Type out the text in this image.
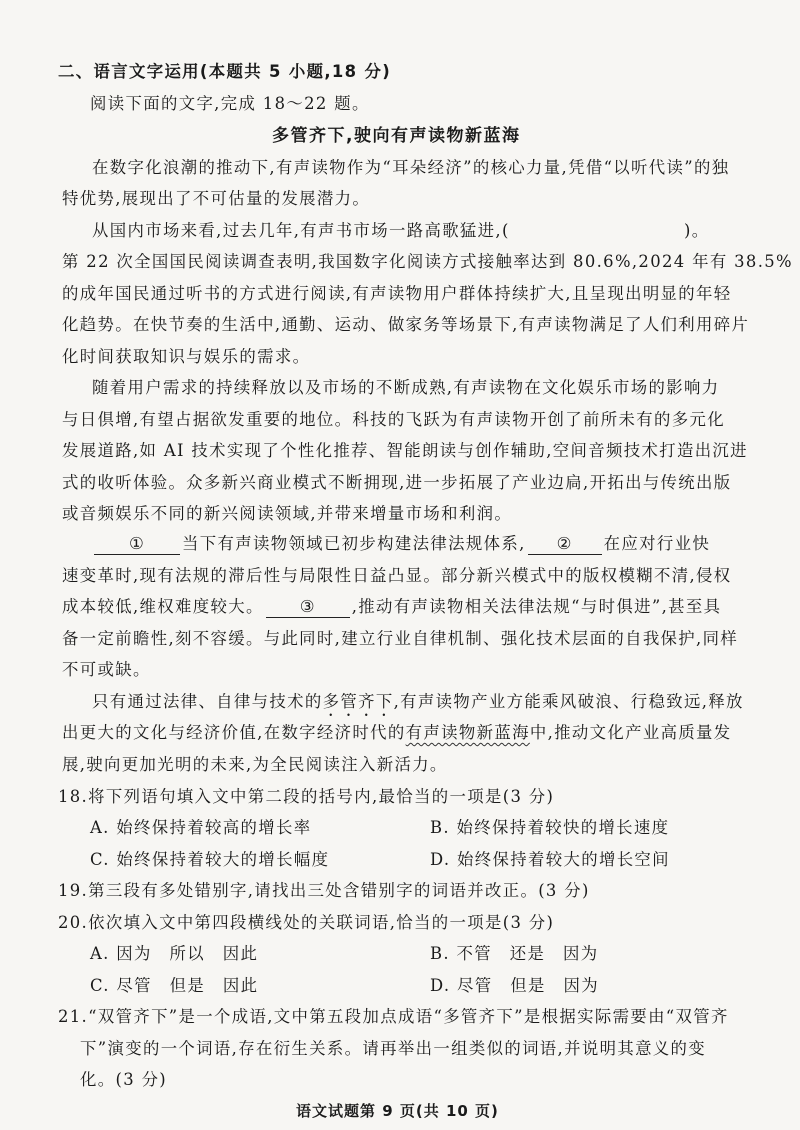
二、语言文字运用(本题共 5 小题,18 分)
阅读下面的文字,完成 18～22 题。
多管齐下,驶向有声读物新蓝海
在数字化浪潮的推动下,有声读物作为“耳朵经济”的核心力量,凭借“以听代读”的独
特优势,展现出了不可估量的发展潜力。
从国内市场来看,过去几年,有声书市场一路高歌猛进,(	)。
第 22 次全国国民阅读调查表明,我国数字化阅读方式接触率达到 80.6%,2024 年有 38.5%
的成年国民通过听书的方式进行阅读,有声读物用户群体持续扩大,且呈现出明显的年轻
化趋势。在快节奏的生活中,通勤、运动、做家务等场景下,有声读物满足了人们利用碎片
化时间获取知识与娱乐的需求。
随着用户需求的持续释放以及市场的不断成熟,有声读物在文化娱乐市场的影响力
与日倶增,有望占据欲发重要的地位。科技的飞跃为有声读物开创了前所未有的多元化
发展道路,如 AI 技术实现了个性化推荐、智能朗读与创作辅助,空间音频技术打造出沉进
式的收听体验。众多新兴商业模式不断拥现,进一步拓展了产业边扃,开拓出与传统出版
或音频娱乐不同的新兴阅读领域,并带来增量市场和利润。
① 当下有声读物领域已初步构建法律法规体系, ② 在应对行业快
速变革时,现有法规的滞后性与局限性日益凸显。部分新兴模式中的版权模糊不清,侵权
成本较低,维权难度较大。 ③ ,推动有声读物相关法律法规“与时俱进”,甚至具
备一定前瞻性,刻不容缓。与此同时,建立行业自律机制、强化技术层面的自我保护,同样
不可或缺。
只有通过法律、自律与技术的多管齐下,有声读物产业方能乘风破浪、行稳致远,释放
出更大的文化与经济价值,在数字经济时代的有声读物新蓝海中,推动文化产业高质量发
展,驶向更加光明的未来,为全民阅读注入新活力。
18.将下列语句填入文中第二段的括号内,最恰当的一项是(3 分)
A. 始终保持着较高的增长率	B. 始终保持着较快的增长速度
C. 始终保持着较大的增长幅度	D. 始终保持着较大的增长空间
19.第三段有多处错别字,请找出三处含错别字的词语并改正。(3 分)
20.依次填入文中第四段横线处的关联词语,恰当的一项是(3 分)
A. 因为　所以　因此	B. 不管　还是　因为
C. 尽管　但是　因此	D. 尽管　但是　因为
21.“双管齐下”是一个成语,文中第五段加点成语“多管齐下”是根据实际需要由“双管齐
下”演变的一个词语,存在衍生关系。请再举出一组类似的词语,并说明其意义的变
化。(3 分)
语文试题第 9 页(共 10 页)
